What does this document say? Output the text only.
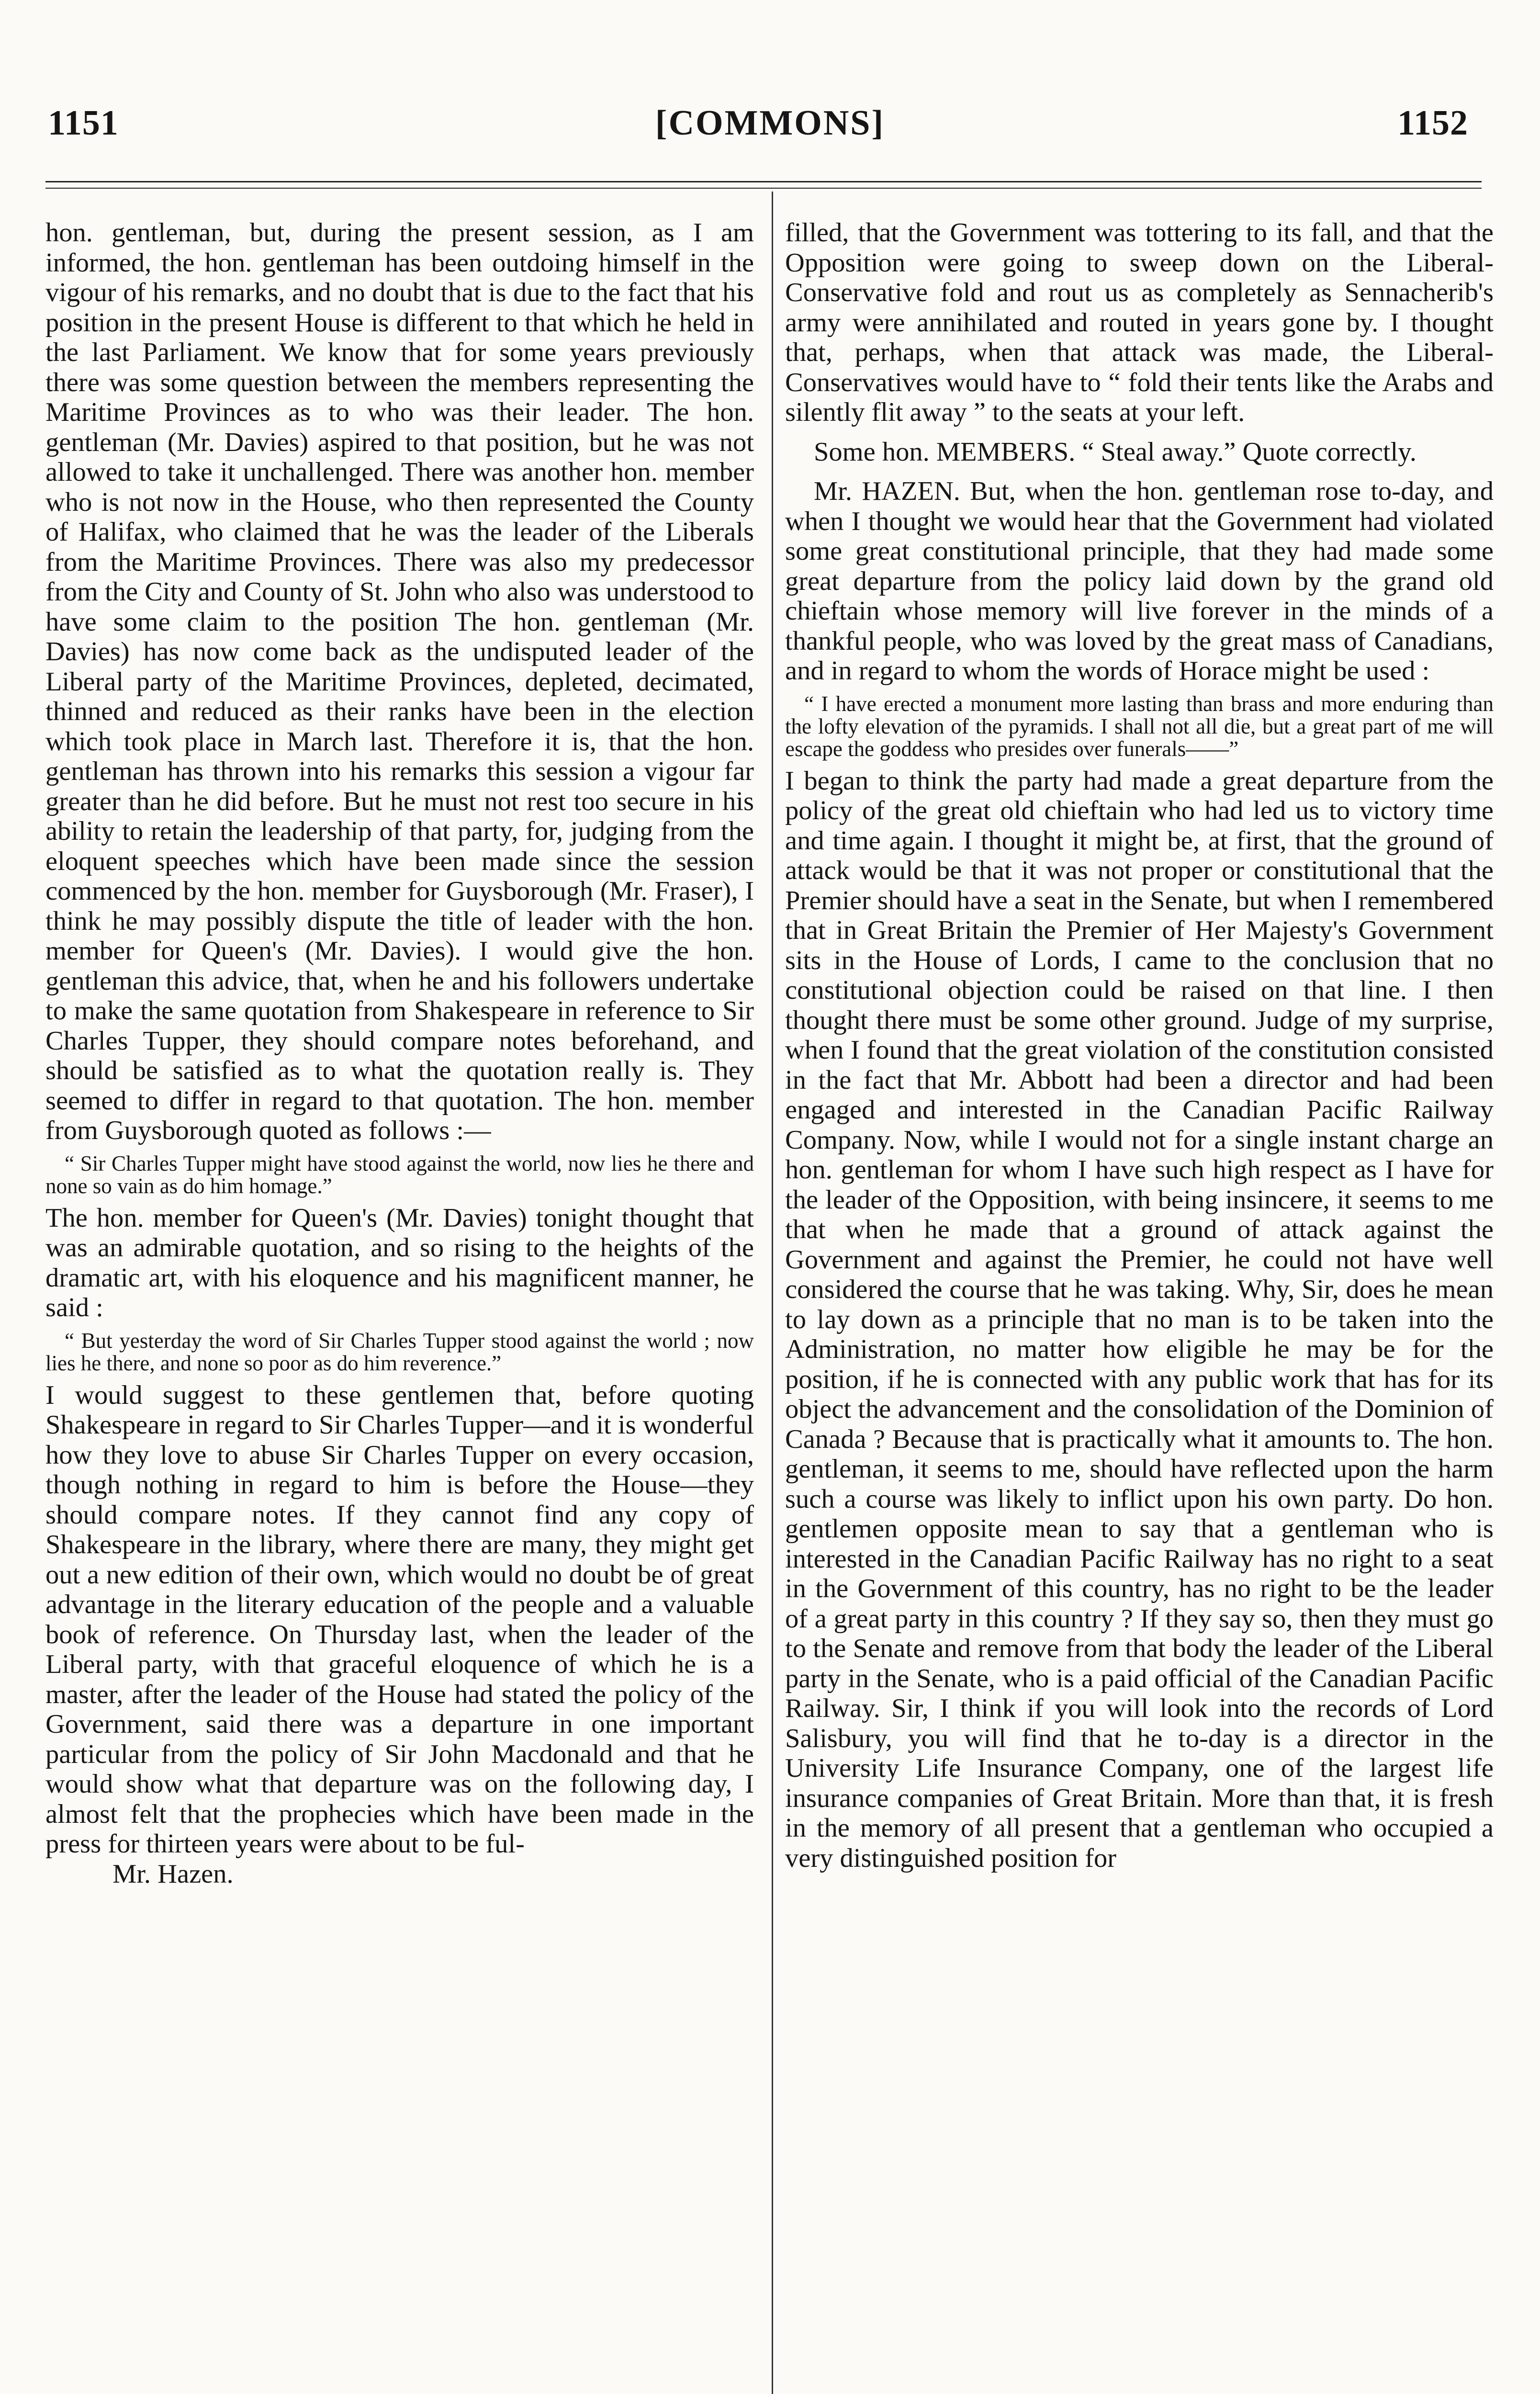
1151	[COMMONS]	1152

hon. gentleman, but, during the present session, as I am informed, the hon. gentleman has been outdoing himself in the vigour of his remarks, and no doubt that is due to the fact that his position in the present House is different to that which he held in the last Parliament. We know that for some years previously there was some question between the members representing the Maritime Provinces as to who was their leader. The hon. gentleman (Mr. Davies) aspired to that position, but he was not allowed to take it unchallenged. There was another hon. member who is not now in the House, who then represented the County of Halifax, who claimed that he was the leader of the Liberals from the Maritime Provinces. There was also my predecessor from the City and County of St. John who also was understood to have some claim to the position The hon. gentleman (Mr. Davies) has now come back as the undisputed leader of the Liberal party of the Maritime Provinces, depleted, decimated, thinned and reduced as their ranks have been in the election which took place in March last. Therefore it is, that the hon. gentleman has thrown into his remarks this session a vigour far greater than he did before. But he must not rest too secure in his ability to retain the leadership of that party, for, judging from the eloquent speeches which have been made since the session commenced by the hon. member for Guysborough (Mr. Fraser), I think he may possibly dispute the title of leader with the hon. member for Queen's (Mr. Davies). I would give the hon. gentleman this advice, that, when he and his followers undertake to make the same quotation from Shakespeare in reference to Sir Charles Tupper, they should compare notes beforehand, and should be satisfied as to what the quotation really is. They seemed to differ in regard to that quotation. The hon. member from Guysborough quoted as follows :—

“ Sir Charles Tupper might have stood against the world, now lies he there and none so vain as do him homage.”

The hon. member for Queen's (Mr. Davies) tonight thought that was an admirable quotation, and so rising to the heights of the dramatic art, with his eloquence and his magnificent manner, he said :

“ But yesterday the word of Sir Charles Tupper stood against the world ; now lies he there, and none so poor as do him reverence.”

I would suggest to these gentlemen that, before quoting Shakespeare in regard to Sir Charles Tupper—and it is wonderful how they love to abuse Sir Charles Tupper on every occasion, though nothing in regard to him is before the House—they should compare notes. If they cannot find any copy of Shakespeare in the library, where there are many, they might get out a new edition of their own, which would no doubt be of great advantage in the literary education of the people and a valuable book of reference. On Thursday last, when the leader of the Liberal party, with that graceful eloquence of which he is a master, after the leader of the House had stated the policy of the Government, said there was a departure in one important particular from the policy of Sir John Macdonald and that he would show what that departure was on the following day, I almost felt that the prophecies which have been made in the press for thirteen years were about to be ful-

Mr. Hazen.

filled, that the Government was tottering to its fall, and that the Opposition were going to sweep down on the Liberal-Conservative fold and rout us as completely as Sennacherib's army were annihilated and routed in years gone by. I thought that, perhaps, when that attack was made, the Liberal-Conservatives would have to “ fold their tents like the Arabs and silently flit away ” to the seats at your left.

Some hon. MEMBERS. “ Steal away.” Quote correctly.

Mr. HAZEN. But, when the hon. gentleman rose to-day, and when I thought we would hear that the Government had violated some great constitutional principle, that they had made some great departure from the policy laid down by the grand old chieftain whose memory will live forever in the minds of a thankful people, who was loved by the great mass of Canadians, and in regard to whom the words of Horace might be used :

“ I have erected a monument more lasting than brass and more enduring than the lofty elevation of the pyramids. I shall not all die, but a great part of me will escape the goddess who presides over funerals——”

I began to think the party had made a great departure from the policy of the great old chieftain who had led us to victory time and time again. I thought it might be, at first, that the ground of attack would be that it was not proper or constitutional that the Premier should have a seat in the Senate, but when I remembered that in Great Britain the Premier of Her Majesty's Government sits in the House of Lords, I came to the conclusion that no constitutional objection could be raised on that line. I then thought there must be some other ground. Judge of my surprise, when I found that the great violation of the constitution consisted in the fact that Mr. Abbott had been a director and had been engaged and interested in the Canadian Pacific Railway Company. Now, while I would not for a single instant charge an hon. gentleman for whom I have such high respect as I have for the leader of the Opposition, with being insincere, it seems to me that when he made that a ground of attack against the Government and against the Premier, he could not have well considered the course that he was taking. Why, Sir, does he mean to lay down as a principle that no man is to be taken into the Administration, no matter how eligible he may be for the position, if he is connected with any public work that has for its object the advancement and the consolidation of the Dominion of Canada ? Because that is practically what it amounts to. The hon. gentleman, it seems to me, should have reflected upon the harm such a course was likely to inflict upon his own party. Do hon. gentlemen opposite mean to say that a gentleman who is interested in the Canadian Pacific Railway has no right to a seat in the Government of this country, has no right to be the leader of a great party in this country ? If they say so, then they must go to the Senate and remove from that body the leader of the Liberal party in the Senate, who is a paid official of the Canadian Pacific Railway. Sir, I think if you will look into the records of Lord Salisbury, you will find that he to-day is a director in the University Life Insurance Company, one of the largest life insurance companies of Great Britain. More than that, it is fresh in the memory of all present that a gentleman who occupied a very distinguished position for
